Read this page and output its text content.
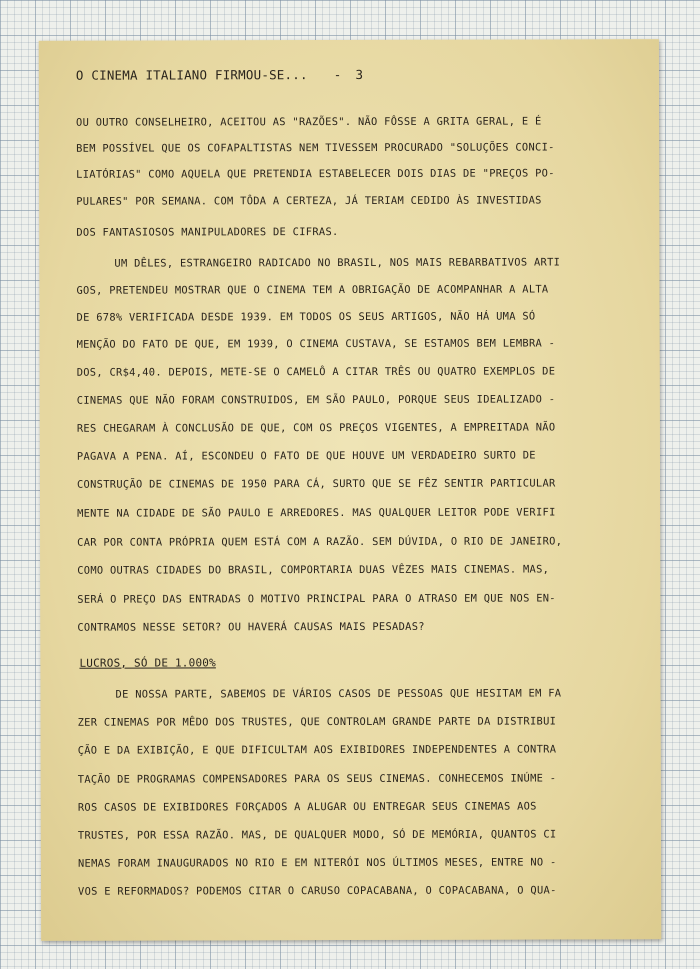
O CINEMA ITALIANO FIRMOU-SE... - 3
OU OUTRO CONSELHEIRO, ACEITOU AS "RAZÕES". NÃO FÔSSE A GRITA GERAL, E É
BEM POSSÍVEL QUE OS COFAPALTISTAS NEM TIVESSEM PROCURADO "SOLUÇÕES CONCI-
LIATÓRIAS" COMO AQUELA QUE PRETENDIA ESTABELECER DOIS DIAS DE "PREÇOS PO-
PULARES" POR SEMANA. COM TÔDA A CERTEZA, JÁ TERIAM CEDIDO ÀS INVESTIDAS
DOS FANTASIOSOS MANIPULADORES DE CIFRAS.
UM DÊLES, ESTRANGEIRO RADICADO NO BRASIL, NOS MAIS REBARBATIVOS ARTI
GOS, PRETENDEU MOSTRAR QUE O CINEMA TEM A OBRIGAÇÃO DE ACOMPANHAR A ALTA
DE 678% VERIFICADA DESDE 1939. EM TODOS OS SEUS ARTIGOS, NÃO HÁ UMA SÓ
MENÇÃO DO FATO DE QUE, EM 1939, O CINEMA CUSTAVA, SE ESTAMOS BEM LEMBRA -
DOS, CR$4,40. DEPOIS, METE-SE O CAMELÔ A CITAR TRÊS OU QUATRO EXEMPLOS DE
CINEMAS QUE NÃO FORAM CONSTRUIDOS, EM SÃO PAULO, PORQUE SEUS IDEALIZADO -
RES CHEGARAM À CONCLUSÃO DE QUE, COM OS PREÇOS VIGENTES, A EMPREITADA NÃO
PAGAVA A PENA. AÍ, ESCONDEU O FATO DE QUE HOUVE UM VERDADEIRO SURTO DE
CONSTRUÇÃO DE CINEMAS DE 1950 PARA CÁ, SURTO QUE SE FÊZ SENTIR PARTICULAR
MENTE NA CIDADE DE SÃO PAULO E ARREDORES. MAS QUALQUER LEITOR PODE VERIFI
CAR POR CONTA PRÓPRIA QUEM ESTÁ COM A RAZÃO. SEM DÚVIDA, O RIO DE JANEIRO,
COMO OUTRAS CIDADES DO BRASIL, COMPORTARIA DUAS VÊZES MAIS CINEMAS. MAS,
SERÁ O PREÇO DAS ENTRADAS O MOTIVO PRINCIPAL PARA O ATRASO EM QUE NOS EN-
CONTRAMOS NESSE SETOR? OU HAVERÁ CAUSAS MAIS PESADAS?
LUCROS, SÓ DE 1.000%
DE NOSSA PARTE, SABEMOS DE VÁRIOS CASOS DE PESSOAS QUE HESITAM EM FA
ZER CINEMAS POR MÊDO DOS TRUSTES, QUE CONTROLAM GRANDE PARTE DA DISTRIBUI
ÇÃO E DA EXIBIÇÃO, E QUE DIFICULTAM AOS EXIBIDORES INDEPENDENTES A CONTRA
TAÇÃO DE PROGRAMAS COMPENSADORES PARA OS SEUS CINEMAS. CONHECEMOS INÚME -
ROS CASOS DE EXIBIDORES FORÇADOS A ALUGAR OU ENTREGAR SEUS CINEMAS AOS
TRUSTES, POR ESSA RAZÃO. MAS, DE QUALQUER MODO, SÓ DE MEMÓRIA, QUANTOS CI
NEMAS FORAM INAUGURADOS NO RIO E EM NITERÓI NOS ÚLTIMOS MESES, ENTRE NO -
VOS E REFORMADOS? PODEMOS CITAR O CARUSO COPACABANA, O COPACABANA, O QUA-
